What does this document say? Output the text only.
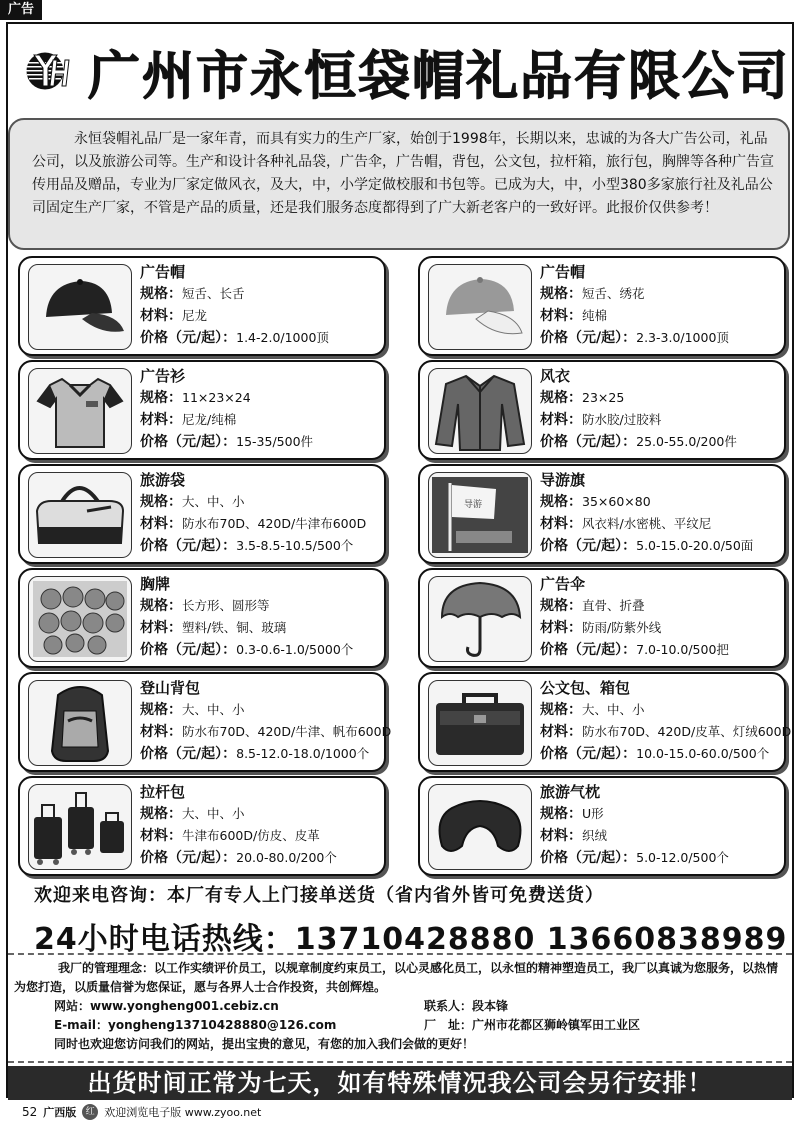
广告
广州市永恒袋帽礼品有限公司
永恒袋帽礼品厂是一家年青，而具有实力的生产厂家，始创于1998年，长期以来，忠诚的为各大广告公司，礼品公司，以及旅游公司等。生产和设计各种礼品袋，广告伞，广告帽，背包，公文包，拉杆箱，旅行包，胸牌等各种广告宣传用品及赠品，专业为厂家定做风衣，及大，中，小学定做校服和书包等。已成为大，中，小型380多家旅行社及礼品公司固定生产厂家，不管是产品的质量，还是我们服务态度都得到了广大新老客户的一致好评。此报价仅供参考！
广告帽
规格：短舌、长舌
材料：尼龙
价格（元/起）：1.4-2.0/1000顶
广告帽
规格：短舌、绣花
材料：纯棉
价格（元/起）：2.3-3.0/1000顶
广告衫
规格：11×23×24
材料：尼龙/纯棉
价格（元/起）：15-35/500件
风衣
规格：23×25
材料：防水胶/过胶料
价格（元/起）：25.0-55.0/200件
旅游袋
规格：大、中、小
材料：防水布70D、420D/牛津布600D
价格（元/起）：3.5-8.5-10.5/500个
导游
导游旗
规格：35×60×80
材料：风衣料/水密桃、平纹尼
价格（元/起）：5.0-15.0-20.0/50面
胸牌
规格：长方形、圆形等
材料：塑料/铁、铜、玻璃
价格（元/起）：0.3-0.6-1.0/5000个
广告伞
规格：直骨、折叠
材料：防雨/防紫外线
价格（元/起）：7.0-10.0/500把
登山背包
规格：大、中、小
材料：防水布70D、420D/牛津、帆布600D
价格（元/起）：8.5-12.0-18.0/1000个
公文包、箱包
规格：大、中、小
材料：防水布70D、420D/皮革、灯绒600D
价格（元/起）：10.0-15.0-60.0/500个
拉杆包
规格：大、中、小
材料：牛津布600D/仿皮、皮革
价格（元/起）：20.0-80.0/200个
旅游气枕
规格：U形
材料：织绒
价格（元/起）：5.0-12.0/500个
欢迎来电咨询：本厂有专人上门接单送货（省内省外皆可免费送货）
24小时电话热线：13710428880 13660838989
我厂的管理理念：以工作实绩评价员工，以规章制度约束员工，以心灵感化员工，以永恒的精神塑造员工，我厂以真诚为您服务，以热情为您打造，以质量信誉为您保证，愿与各界人士合作投资，共创辉煌。
网站：www.yongheng001.cebiz.cn	联系人：段本锋
E-mail：yongheng13710428880@126.com	厂　址：广州市花都区狮岭镇军田工业区
同时也欢迎您访问我们的网站，提出宝贵的意见，有您的加入我们会做的更好！
出货时间正常为七天，如有特殊情况我公司会另行安排！
52 广西版	红 欢迎浏览电子版 www.zyoo.net
